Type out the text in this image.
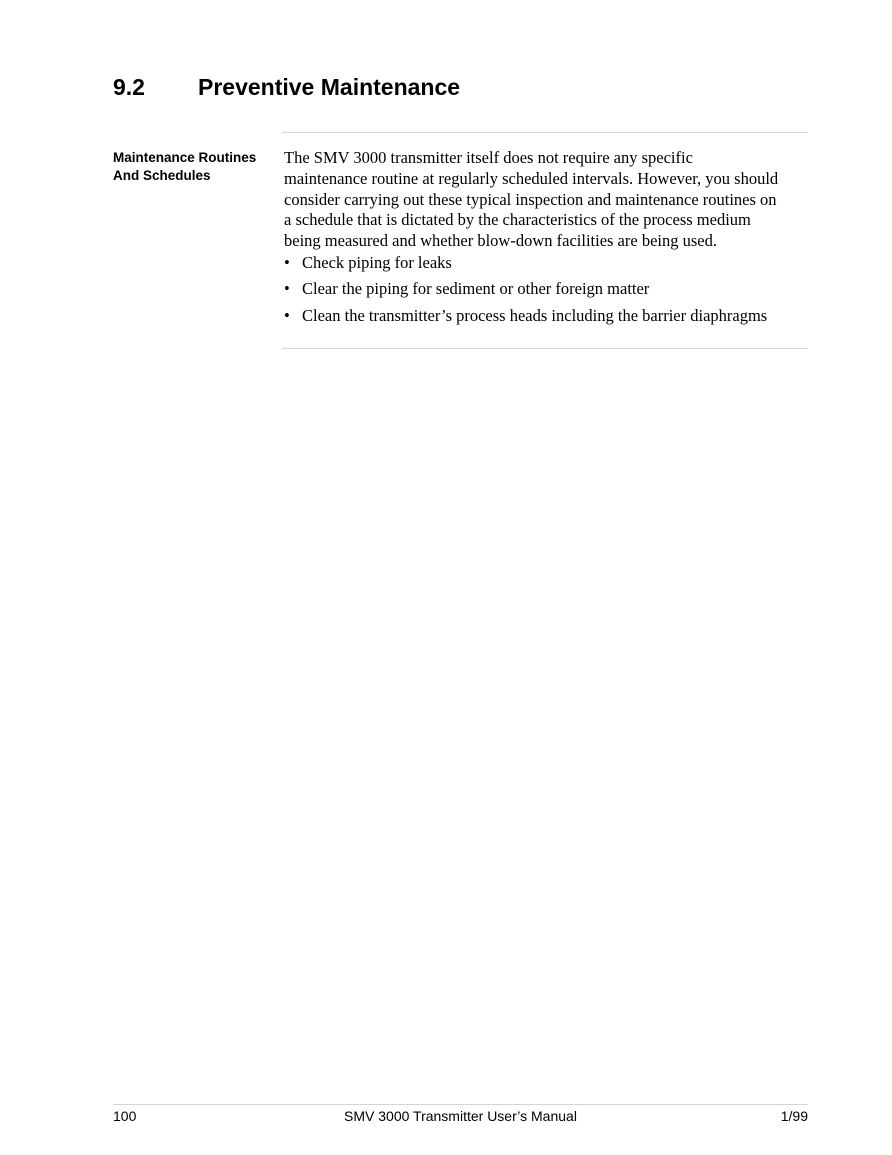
9.2 Preventive Maintenance
Maintenance Routines
And Schedules
The SMV 3000 transmitter itself does not require any specific
maintenance routine at regularly scheduled intervals. However, you should
consider carrying out these typical inspection and maintenance routines on
a schedule that is dictated by the characteristics of the process medium
being measured and whether blow-down facilities are being used.
• Check piping for leaks
• Clear the piping for sediment or other foreign matter
• Clean the transmitter’s process heads including the barrier diaphragms
100	SMV 3000 Transmitter User’s Manual	1/99
